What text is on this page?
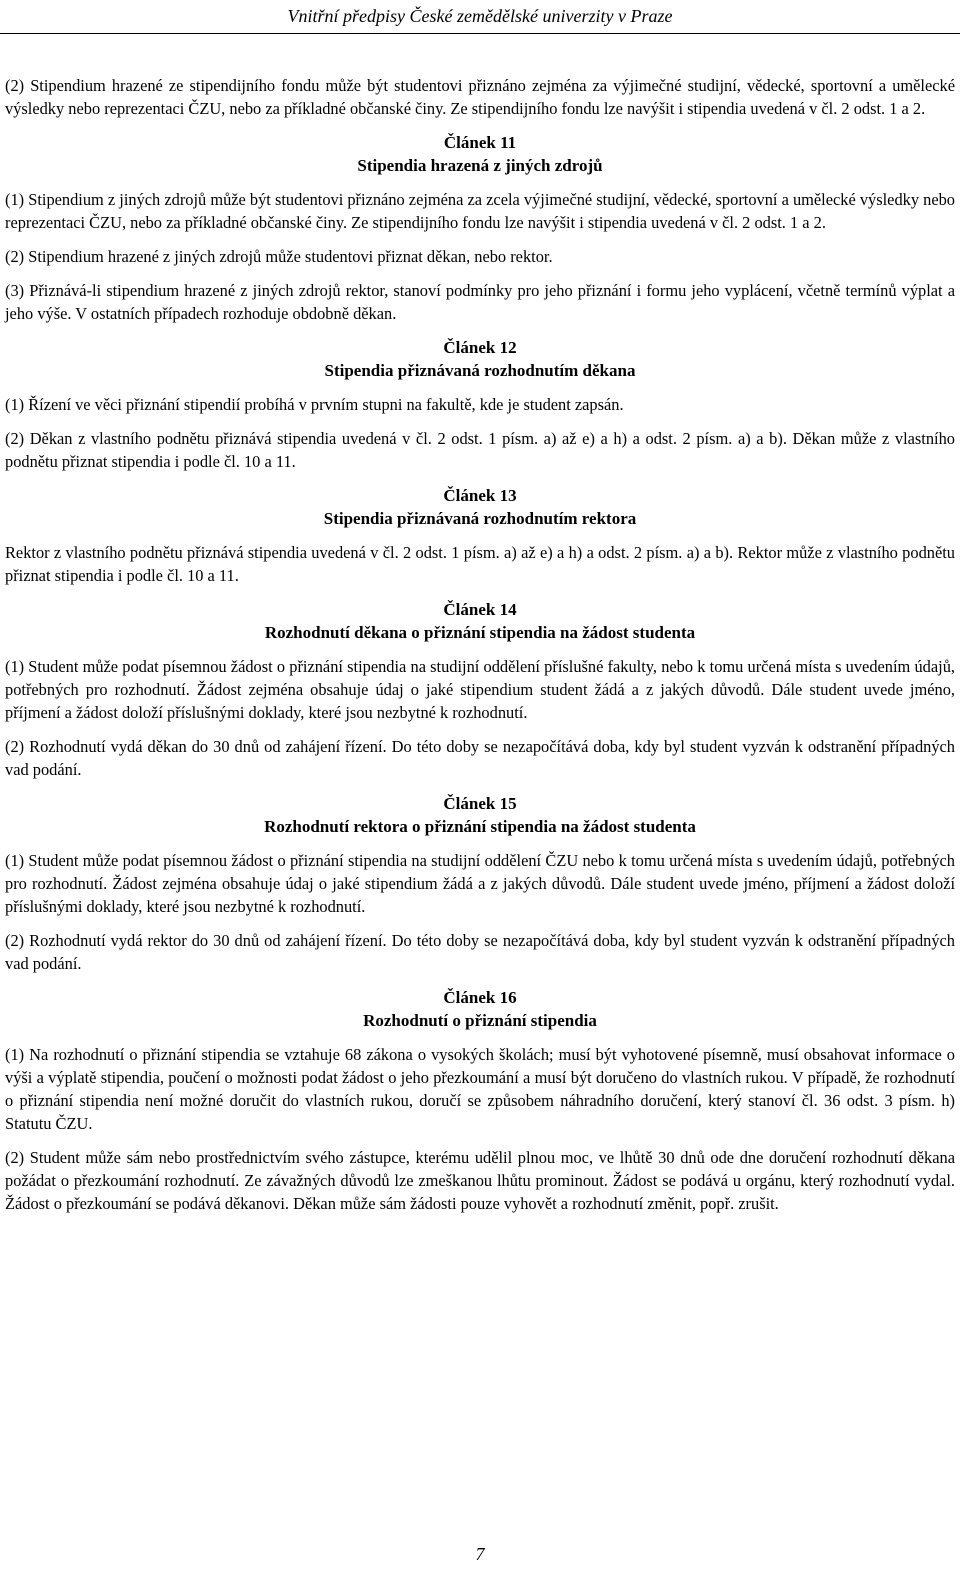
Vnitřní předpisy České zemědělské univerzity v Praze

(2) Stipendium hrazené ze stipendijního fondu může být studentovi přiznáno zejména za výjimečné studijní, vědecké, sportovní a umělecké výsledky nebo reprezentaci ČZU, nebo za příkladné občanské činy. Ze stipendijního fondu lze navýšit i stipendia uvedená v čl. 2 odst. 1 a 2.

Článek 11
Stipendia hrazená z jiných zdrojů

(1) Stipendium z jiných zdrojů může být studentovi přiznáno zejména za zcela výjimečné studijní, vědecké, sportovní a umělecké výsledky nebo reprezentaci ČZU, nebo za příkladné občanské činy. Ze stipendijního fondu lze navýšit i stipendia uvedená v čl. 2 odst. 1 a 2.

(2) Stipendium hrazené z jiných zdrojů může studentovi přiznat děkan, nebo rektor.

(3) Přiznává-li stipendium hrazené z jiných zdrojů rektor, stanoví podmínky pro jeho přiznání i formu jeho vyplácení, včetně termínů výplat a jeho výše. V ostatních případech rozhoduje obdobně děkan.

Článek 12
Stipendia přiznávaná rozhodnutím děkana

(1) Řízení ve věci přiznání stipendií probíhá v prvním stupni na fakultě, kde je student zapsán.

(2) Děkan z vlastního podnětu přiznává stipendia uvedená v čl. 2 odst. 1 písm. a) až e) a h) a odst. 2 písm. a) a b). Děkan může z vlastního podnětu přiznat stipendia i podle čl. 10 a 11.

Článek 13
Stipendia přiznávaná rozhodnutím rektora

Rektor z vlastního podnětu přiznává stipendia uvedená v čl. 2 odst. 1 písm. a) až e) a h) a odst. 2 písm. a) a b). Rektor může z vlastního podnětu přiznat stipendia i podle čl. 10 a 11.

Článek 14
Rozhodnutí děkana o přiznání stipendia na žádost studenta

(1) Student může podat písemnou žádost o přiznání stipendia na studijní oddělení příslušné fakulty, nebo k tomu určená místa s uvedením údajů, potřebných pro rozhodnutí. Žádost zejména obsahuje údaj o jaké stipendium student žádá a z jakých důvodů. Dále student uvede jméno, příjmení a žádost doloží příslušnými doklady, které jsou nezbytné k rozhodnutí.

(2) Rozhodnutí vydá děkan do 30 dnů od zahájení řízení. Do této doby se nezapočítává doba, kdy byl student vyzván k odstranění případných vad podání.

Článek 15
Rozhodnutí rektora o přiznání stipendia na žádost studenta

(1) Student může podat písemnou žádost o přiznání stipendia na studijní oddělení ČZU nebo k tomu určená místa s uvedením údajů, potřebných pro rozhodnutí. Žádost zejména obsahuje údaj o jaké stipendium žádá a z jakých důvodů. Dále student uvede jméno, příjmení a žádost doloží příslušnými doklady, které jsou nezbytné k rozhodnutí.

(2) Rozhodnutí vydá rektor do 30 dnů od zahájení řízení. Do této doby se nezapočítává doba, kdy byl student vyzván k odstranění případných vad podání.

Článek 16
Rozhodnutí o přiznání stipendia

(1) Na rozhodnutí o přiznání stipendia se vztahuje 68 zákona o vysokých školách; musí být vyhotovené písemně, musí obsahovat informace o výši a výplatě stipendia, poučení o možnosti podat žádost o jeho přezkoumání a musí být doručeno do vlastních rukou. V případě, že rozhodnutí o přiznání stipendia není možné doručit do vlastních rukou, doručí se způsobem náhradního doručení, který stanoví čl. 36 odst. 3 písm. h) Statutu ČZU.

(2) Student může sám nebo prostřednictvím svého zástupce, kterému udělil plnou moc, ve lhůtě 30 dnů ode dne doručení rozhodnutí děkana požádat o přezkoumání rozhodnutí. Ze závažných důvodů lze zmeškanou lhůtu prominout. Žádost se podává u orgánu, který rozhodnutí vydal. Žádost o přezkoumání se podává děkanovi. Děkan může sám žádosti pouze vyhovět a rozhodnutí změnit, popř. zrušit.

7
